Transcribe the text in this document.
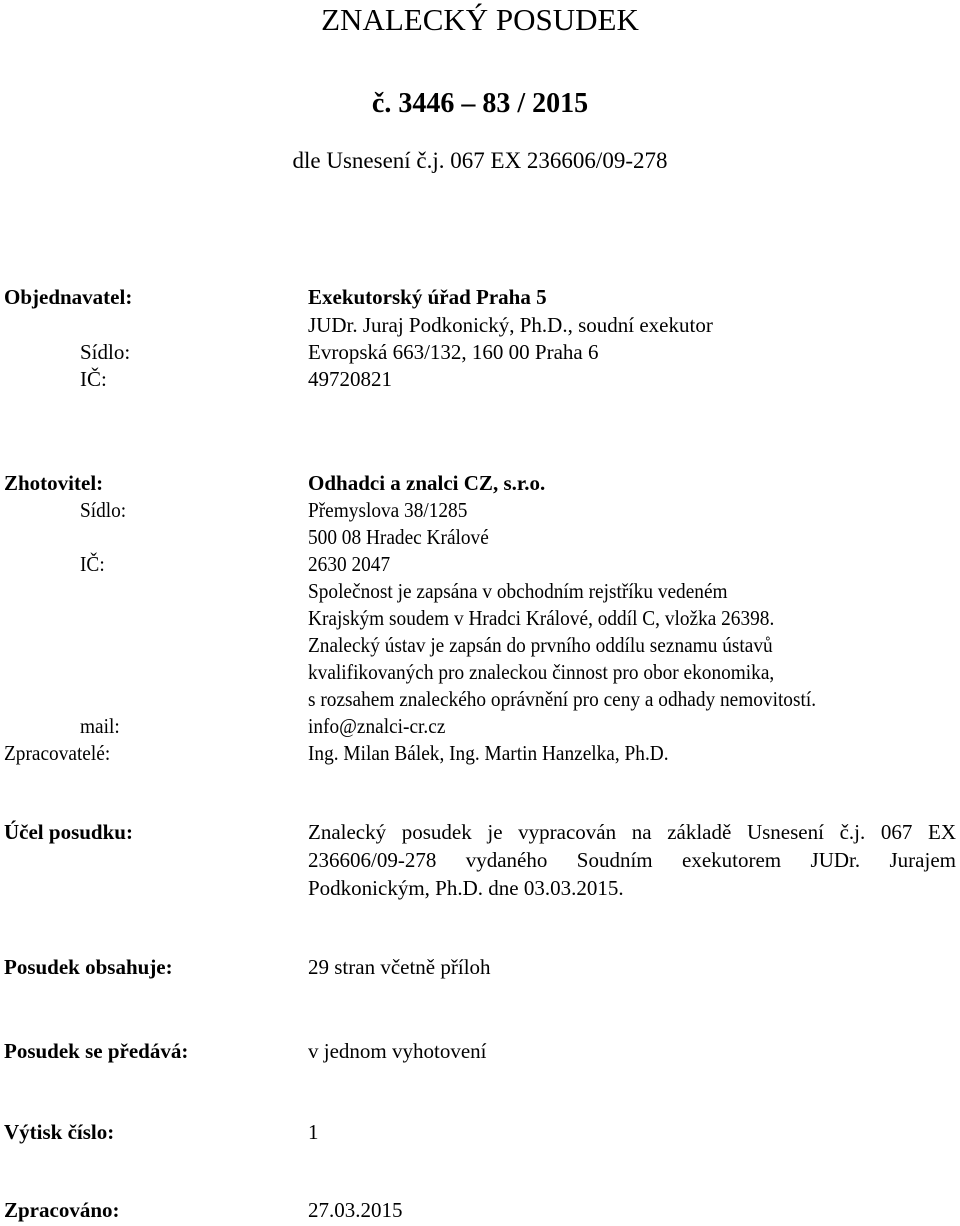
ZNALECKÝ POSUDEK
č. 3446 – 83 / 2015
dle Usnesení č.j. 067 EX 236606/09-278
Objednavatel:	Exekutorský úřad Praha 5
JUDr. Juraj Podkonický, Ph.D., soudní exekutor
Sídlo:	Evropská 663/132, 160 00 Praha 6
IČ:	49720821
Zhotovitel:	Odhadci a znalci CZ, s.r.o.
Sídlo:	Přemyslova 38/1285
500 08 Hradec Králové
IČ:	2630 2047
Společnost je zapsána v obchodním rejstříku vedeném
Krajským soudem v Hradci Králové, oddíl C, vložka 26398.
Znalecký ústav je zapsán do prvního oddílu seznamu ústavů
kvalifikovaných pro znaleckou činnost pro obor ekonomika,
s rozsahem znaleckého oprávnění pro ceny a odhady nemovitostí.
mail:	info@znalci-cr.cz
Zpracovatelé:	Ing. Milan Bálek, Ing. Martin Hanzelka, Ph.D.
Účel posudku:	Znalecký posudek je vypracován na základě Usnesení č.j. 067 EX
236606/09-278 vydaného Soudním exekutorem JUDr. Jurajem
Podkonickým, Ph.D. dne 03.03.2015.
Posudek obsahuje:	29 stran včetně příloh
Posudek se předává:	v jednom vyhotovení
Výtisk číslo:	1
Zpracováno:	27.03.2015
